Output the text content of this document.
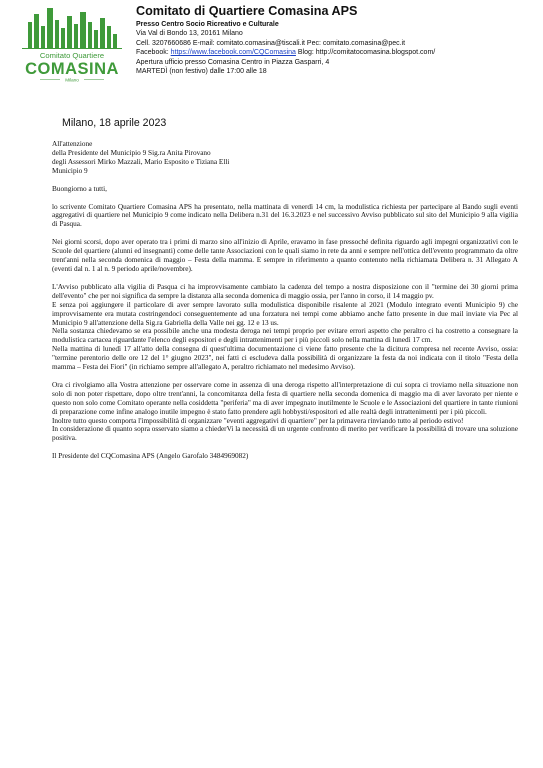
Comitato Quartiere
COMASINA
Milano
Comitato di Quartiere Comasina APS
Presso Centro Socio Ricreativo e Culturale
Via Val di Bondo 13, 20161 Milano
Cell. 3207660686 E-mail: comitato.comasina@tiscali.it Pec: comitato.comasina@pec.it
Facebook: https://www.facebook.com/CQComasina Blog: http://comitatocomasina.blogspot.com/
Apertura ufficio presso Comasina Centro in Piazza Gasparri, 4
MARTEDÌ (non festivo) dalle 17:00 alle 18
Milano, 18 aprile 2023

All'attenzione

della Presidente del Municipio 9 Sig.ra Anita Pirovano

degli Assessori Mirko Mazzali, Mario Esposito e Tiziana Elli

Municipio 9

Buongiorno a tutti,

lo scrivente Comitato Quartiere Comasina APS ha presentato, nella mattinata di venerdì 14 cm, la modulistica richiesta per partecipare al Bando sugli eventi aggregativi di quartiere nel Municipio 9 come indicato nella Delibera n.31 del 16.3.2023 e nel successivo Avviso pubblicato sul sito del Municipio 9 alla vigilia di Pasqua.

Nei giorni scorsi, dopo aver operato tra i primi di marzo sino all'inizio di Aprile, eravamo in fase pressoché definita riguardo agli impegni organizzativi con le Scuole del quartiere (alunni ed insegnanti) come delle tante Associazioni con le quali siamo in rete da anni e sempre nell'ottica dell'evento programmato da oltre trent'anni nella seconda domenica di maggio – Festa della mamma. E sempre in riferimento a quanto contenuto nella richiamata Delibera n. 31 Allegato A (eventi dal n. 1 al n. 9 periodo aprile/novembre).

L'Avviso pubblicato alla vigilia di Pasqua ci ha improvvisamente cambiato la cadenza del tempo a nostra disposizione con il "termine dei 30 giorni prima dell'evento" che per noi significa da sempre la distanza alla seconda domenica di maggio ossia, per l'anno in corso, il 14 maggio pv.

E senza poi aggiungere il particolare di aver sempre lavorato sulla modulistica disponibile risalente al 2021 (Modulo integrato eventi Municipio 9) che improvvisamente era mutata costringendoci conseguentemente ad una forzatura nei tempi come abbiamo anche fatto presente in due mail inviate via Pec al Municipio 9 all'attenzione della Sig.ra Gabriella della Valle nei gg. 12 e 13 us.

Nella sostanza chiedevamo se era possibile anche una modesta deroga nei tempi proprio per evitare errori aspetto che peraltro ci ha costretto a consegnare la modulistica cartacea riguardante l'elenco degli espositori e degli intrattenimenti per i più piccoli solo nella mattina di lunedì 17 cm.

Nella mattina di lunedì 17 all'atto della consegna di quest'ultima documentazione ci viene fatto presente che la dicitura compresa nel recente Avviso, ossia: "termine perentorio delle ore 12 del 1° giugno 2023", nei fatti ci escludeva dalla possibilità di organizzare la festa da noi indicata con il titolo "Festa della mamma – Festa dei Fiori" (in richiamo sempre all'allegato A, peraltro richiamato nel medesimo Avviso).

Ora ci rivolgiamo alla Vostra attenzione per osservare come in assenza di una deroga rispetto all'interpretazione di cui sopra ci troviamo nella situazione non solo di non poter rispettare, dopo oltre trent'anni, la concomitanza della festa di quartiere nella seconda domenica di maggio ma di aver lavorato per niente e questo non solo come Comitato operante nella cosiddetta "periferia" ma di aver impegnato inutilmente le Scuole e le Associazioni del quartiere in tante riunioni di preparazione come infine analogo inutile impegno è stato fatto prendere agli hobbysti/espositori ed alle realtà degli intrattenimenti per i più piccoli.

Inoltre tutto questo comporta l'impossibilità di organizzare "eventi aggregativi di quartiere" per la primavera rinviando tutto al periodo estivo!

In considerazione di quanto sopra osservato siamo a chiederVi la necessità di un urgente confronto di merito per verificare la possibilità di trovare una soluzione positiva.

Il Presidente del CQComasina APS (Angelo Garofalo 3484969082)
